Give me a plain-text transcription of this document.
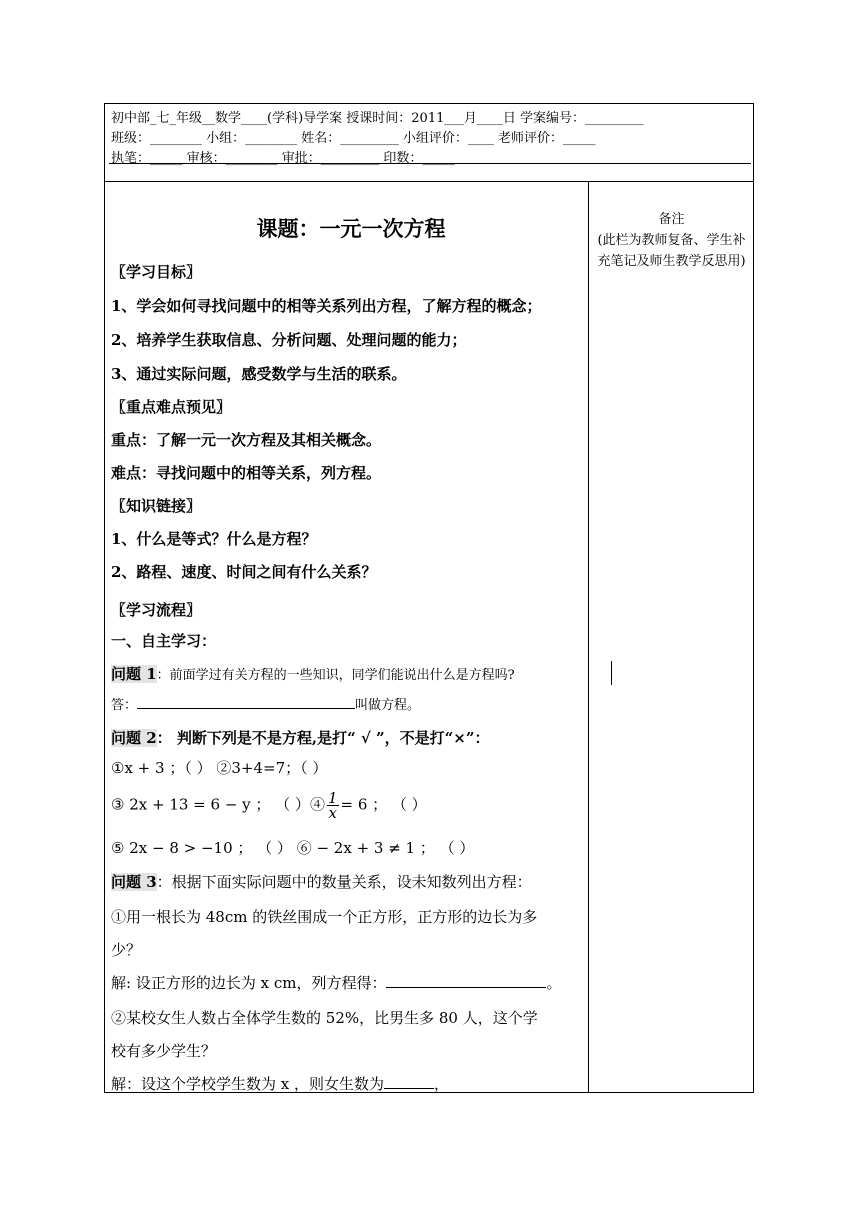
初中部_七_年级__数学____(学科)导学案 授课时间：2011___月____日 学案编号：_________
班级：________ 小组：________ 姓名：_________ 小组评价：____ 老师评价：_____
执笔：_____ 审核：________ 审批：_________ 印数：_____
备注
(此栏为教师复备、学生补充笔记及师生教学反思用)
课题：一元一次方程
〖学习目标〗
1、学会如何寻找问题中的相等关系列出方程，了解方程的概念；
2、培养学生获取信息、分析问题、处理问题的能力；
3、通过实际问题，感受数学与生活的联系。
〖重点难点预见〗
重点：了解一元一次方程及其相关概念。
难点：寻找问题中的相等关系，列方程。
〖知识链接〗
1、什么是等式？什么是方程？
2、路程、速度、时间之间有什么关系？
〖学习流程〗
一、自主学习：
问题 1：前面学过有关方程的一些知识，同学们能说出什么是方程吗?
答：	叫做方程。
问题 2： 判断下列是不是方程,是打“ √ ”，不是打“×”：
①x + 3 ；（ ） ②3+4=7；（ ）
③ 2x + 13 = 6 − y ； （ ）④ $\frac{1}{x} = 6$ ； （ ）
⑤ 2x − 8 > −10 ； （ ） ⑥ − 2x + 3 ≠ 1 ； （ ）
问题 3：根据下面实际问题中的数量关系，设未知数列出方程：
①用一根长为 48cm 的铁丝围成一个正方形，正方形的边长为多
少？
解: 设正方形的边长为 x cm，列方程得：	。
②某校女生人数占全体学生数的 52%，比男生多 80 人，这个学
校有多少学生？
解：设这个学校学生数为 x ，则女生数为	，
